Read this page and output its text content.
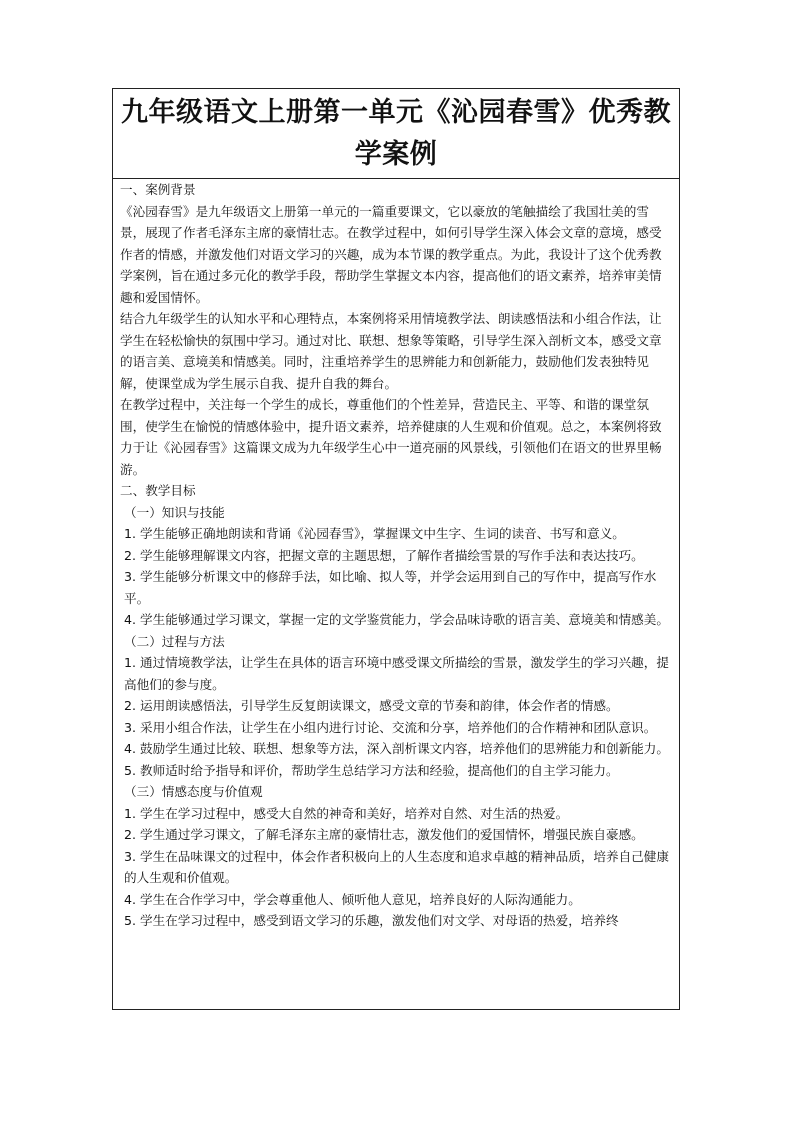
九年级语文上册第一单元《沁园春雪》优秀教学案例

一、案例背景

《沁园春雪》是九年级语文上册第一单元的一篇重要课文，它以豪放的笔触描绘了我国壮美的雪景，展现了作者毛泽东主席的豪情壮志。在教学过程中，如何引导学生深入体会文章的意境，感受作者的情感，并激发他们对语文学习的兴趣，成为本节课的教学重点。为此，我设计了这个优秀教学案例，旨在通过多元化的教学手段，帮助学生掌握文本内容，提高他们的语文素养，培养审美情趣和爱国情怀。

结合九年级学生的认知水平和心理特点，本案例将采用情境教学法、朗读感悟法和小组合作法，让学生在轻松愉快的氛围中学习。通过对比、联想、想象等策略，引导学生深入剖析文本，感受文章的语言美、意境美和情感美。同时，注重培养学生的思辨能力和创新能力，鼓励他们发表独特见解，使课堂成为学生展示自我、提升自我的舞台。

在教学过程中，关注每一个学生的成长，尊重他们的个性差异，营造民主、平等、和谐的课堂氛围，使学生在愉悦的情感体验中，提升语文素养，培养健康的人生观和价值观。总之，本案例将致力于让《沁园春雪》这篇课文成为九年级学生心中一道亮丽的风景线，引领他们在语文的世界里畅游。

二、教学目标

（一）知识与技能

1. 学生能够正确地朗读和背诵《沁园春雪》，掌握课文中生字、生词的读音、书写和意义。

2. 学生能够理解课文内容，把握文章的主题思想，了解作者描绘雪景的写作手法和表达技巧。

3. 学生能够分析课文中的修辞手法，如比喻、拟人等，并学会运用到自己的写作中，提高写作水平。

4. 学生能够通过学习课文，掌握一定的文学鉴赏能力，学会品味诗歌的语言美、意境美和情感美。

（二）过程与方法

1. 通过情境教学法，让学生在具体的语言环境中感受课文所描绘的雪景，激发学生的学习兴趣，提高他们的参与度。

2. 运用朗读感悟法，引导学生反复朗读课文，感受文章的节奏和韵律，体会作者的情感。

3. 采用小组合作法，让学生在小组内进行讨论、交流和分享，培养他们的合作精神和团队意识。

4. 鼓励学生通过比较、联想、想象等方法，深入剖析课文内容，培养他们的思辨能力和创新能力。

5. 教师适时给予指导和评价，帮助学生总结学习方法和经验，提高他们的自主学习能力。

（三）情感态度与价值观

1. 学生在学习过程中，感受大自然的神奇和美好，培养对自然、对生活的热爱。

2. 学生通过学习课文，了解毛泽东主席的豪情壮志，激发他们的爱国情怀，增强民族自豪感。

3. 学生在品味课文的过程中，体会作者积极向上的人生态度和追求卓越的精神品质，培养自己健康的人生观和价值观。

4. 学生在合作学习中，学会尊重他人、倾听他人意见，培养良好的人际沟通能力。

5. 学生在学习过程中，感受到语文学习的乐趣，激发他们对文学、对母语的热爱，培养终
